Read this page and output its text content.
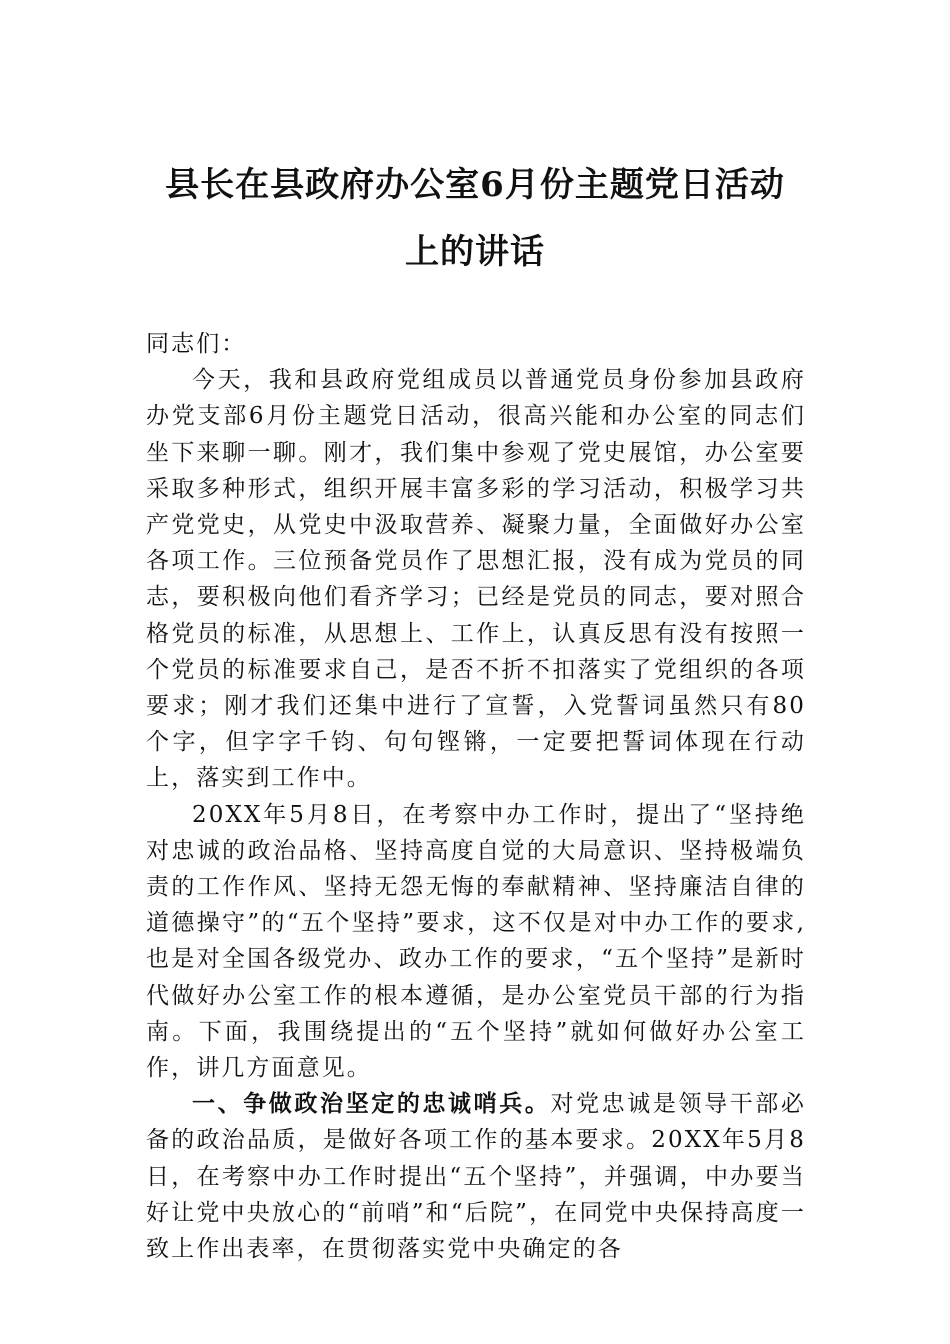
县长在县政府办公室6月份主题党日活动
上的讲话

同志们：

今天，我和县政府党组成员以普通党员身份参加县政府办党支部6月份主题党日活动，很高兴能和办公室的同志们坐下来聊一聊。刚才，我们集中参观了党史展馆，办公室要采取多种形式，组织开展丰富多彩的学习活动，积极学习共产党党史，从党史中汲取营养、凝聚力量，全面做好办公室各项工作。三位预备党员作了思想汇报，没有成为党员的同志，要积极向他们看齐学习；已经是党员的同志，要对照合格党员的标准，从思想上、工作上，认真反思有没有按照一个党员的标准要求自己，是否不折不扣落实了党组织的各项要求；刚才我们还集中进行了宣誓，入党誓词虽然只有80个字，但字字千钧、句句铿锵，一定要把誓词体现在行动上，落实到工作中。

20XX年5月8日，在考察中办工作时，提出了“坚持绝对忠诚的政治品格、坚持高度自觉的大局意识、坚持极端负责的工作作风、坚持无怨无悔的奉献精神、坚持廉洁自律的道德操守”的“五个坚持”要求，这不仅是对中办工作的要求,也是对全国各级党办、政办工作的要求，“五个坚持”是新时代做好办公室工作的根本遵循，是办公室党员干部的行为指南。下面，我围绕提出的“五个坚持”就如何做好办公室工作，讲几方面意见。

一、争做政治坚定的忠诚哨兵。对党忠诚是领导干部必备的政治品质，是做好各项工作的基本要求。20XX年5月8日，在考察中办工作时提出“五个坚持”，并强调，中办要当好让党中央放心的“前哨”和“后院”，在同党中央保持高度一致上作出表率，在贯彻落实党中央确定的各
